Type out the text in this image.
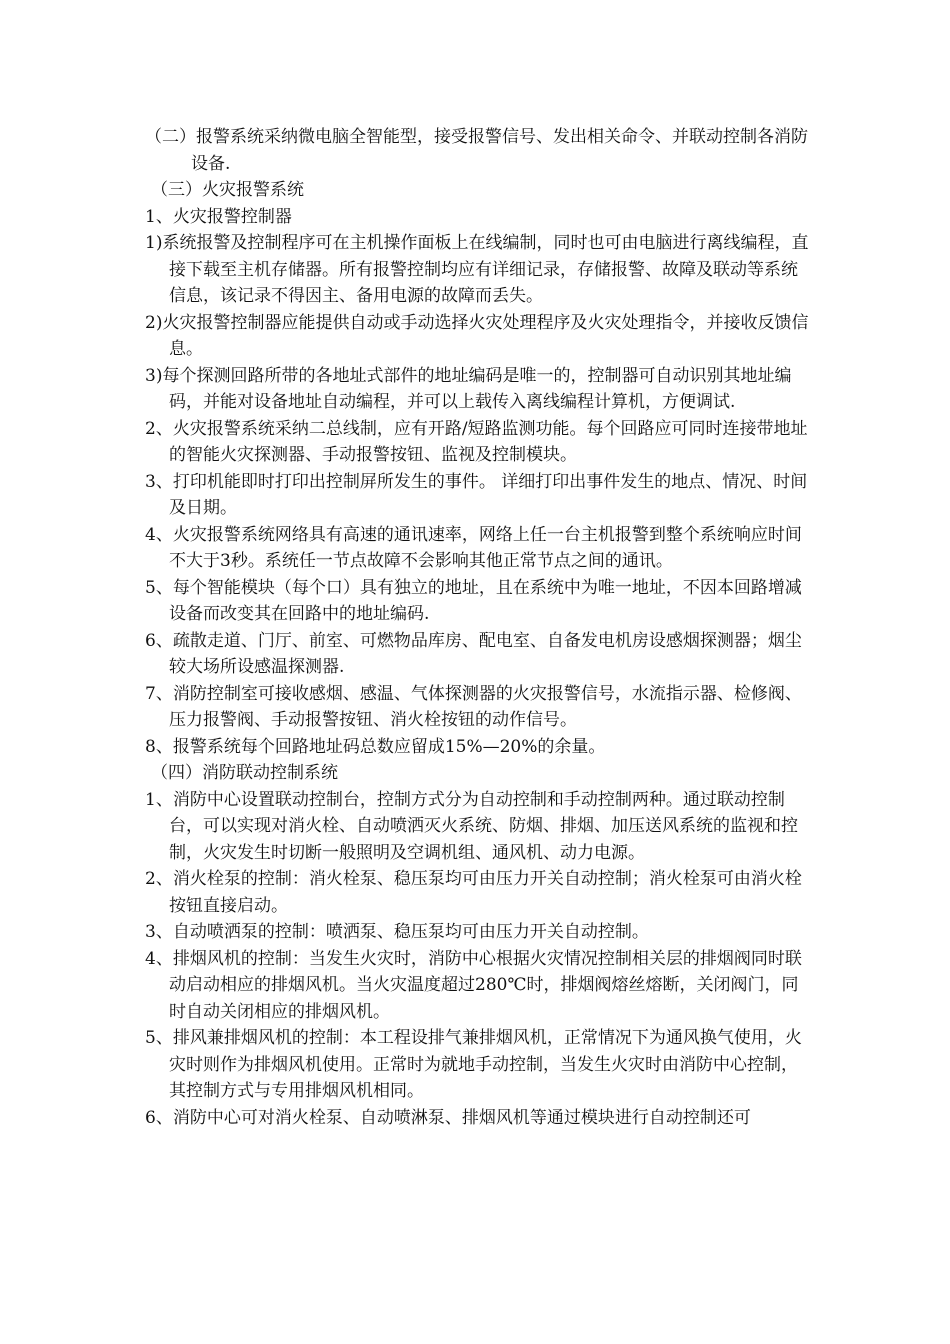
（二）报警系统采纳微电脑全智能型，接受报警信号、发出相关命令、并联动控制各消防设备.

（三）火灾报警系统

1、火灾报警控制器

1)系统报警及控制程序可在主机操作面板上在线编制，同时也可由电脑进行离线编程，直接下载至主机存储器。所有报警控制均应有详细记录，存储报警、故障及联动等系统信息，该记录不得因主、备用电源的故障而丢失。

2)火灾报警控制器应能提供自动或手动选择火灾处理程序及火灾处理指令，并接收反馈信息。

3)每个探测回路所带的各地址式部件的地址编码是唯一的，控制器可自动识别其地址编码，并能对设备地址自动编程，并可以上载传入离线编程计算机，方便调试.

2、火灾报警系统采纳二总线制，应有开路/短路监测功能。每个回路应可同时连接带地址的智能火灾探测器、手动报警按钮、监视及控制模块。

3、打印机能即时打印出控制屏所发生的事件。 详细打印出事件发生的地点、情况、时间及日期。

4、火灾报警系统网络具有高速的通讯速率，网络上任一台主机报警到整个系统响应时间不大于3秒。系统任一节点故障不会影响其他正常节点之间的通讯。

5、每个智能模块（每个口）具有独立的地址，且在系统中为唯一地址，不因本回路增减设备而改变其在回路中的地址编码.

6、疏散走道、门厅、前室、可燃物品库房、配电室、自备发电机房设感烟探测器；烟尘较大场所设感温探测器.

7、消防控制室可接收感烟、感温、气体探测器的火灾报警信号，水流指示器、检修阀、压力报警阀、手动报警按钮、消火栓按钮的动作信号。

8、报警系统每个回路地址码总数应留成15%—20%的余量。

（四）消防联动控制系统

1、消防中心设置联动控制台，控制方式分为自动控制和手动控制两种。通过联动控制台，可以实现对消火栓、自动喷洒灭火系统、防烟、排烟、加压送风系统的监视和控制，火灾发生时切断一般照明及空调机组、通风机、动力电源。

2、消火栓泵的控制：消火栓泵、稳压泵均可由压力开关自动控制；消火栓泵可由消火栓按钮直接启动。

3、自动喷洒泵的控制：喷洒泵、稳压泵均可由压力开关自动控制。

4、排烟风机的控制：当发生火灾时，消防中心根据火灾情况控制相关层的排烟阀同时联动启动相应的排烟风机。当火灾温度超过280℃时，排烟阀熔丝熔断，关闭阀门，同时自动关闭相应的排烟风机。

5、排风兼排烟风机的控制：本工程设排气兼排烟风机，正常情况下为通风换气使用，火灾时则作为排烟风机使用。正常时为就地手动控制，当发生火灾时由消防中心控制，其控制方式与专用排烟风机相同。

6、消防中心可对消火栓泵、自动喷淋泵、排烟风机等通过模块进行自动控制还可
